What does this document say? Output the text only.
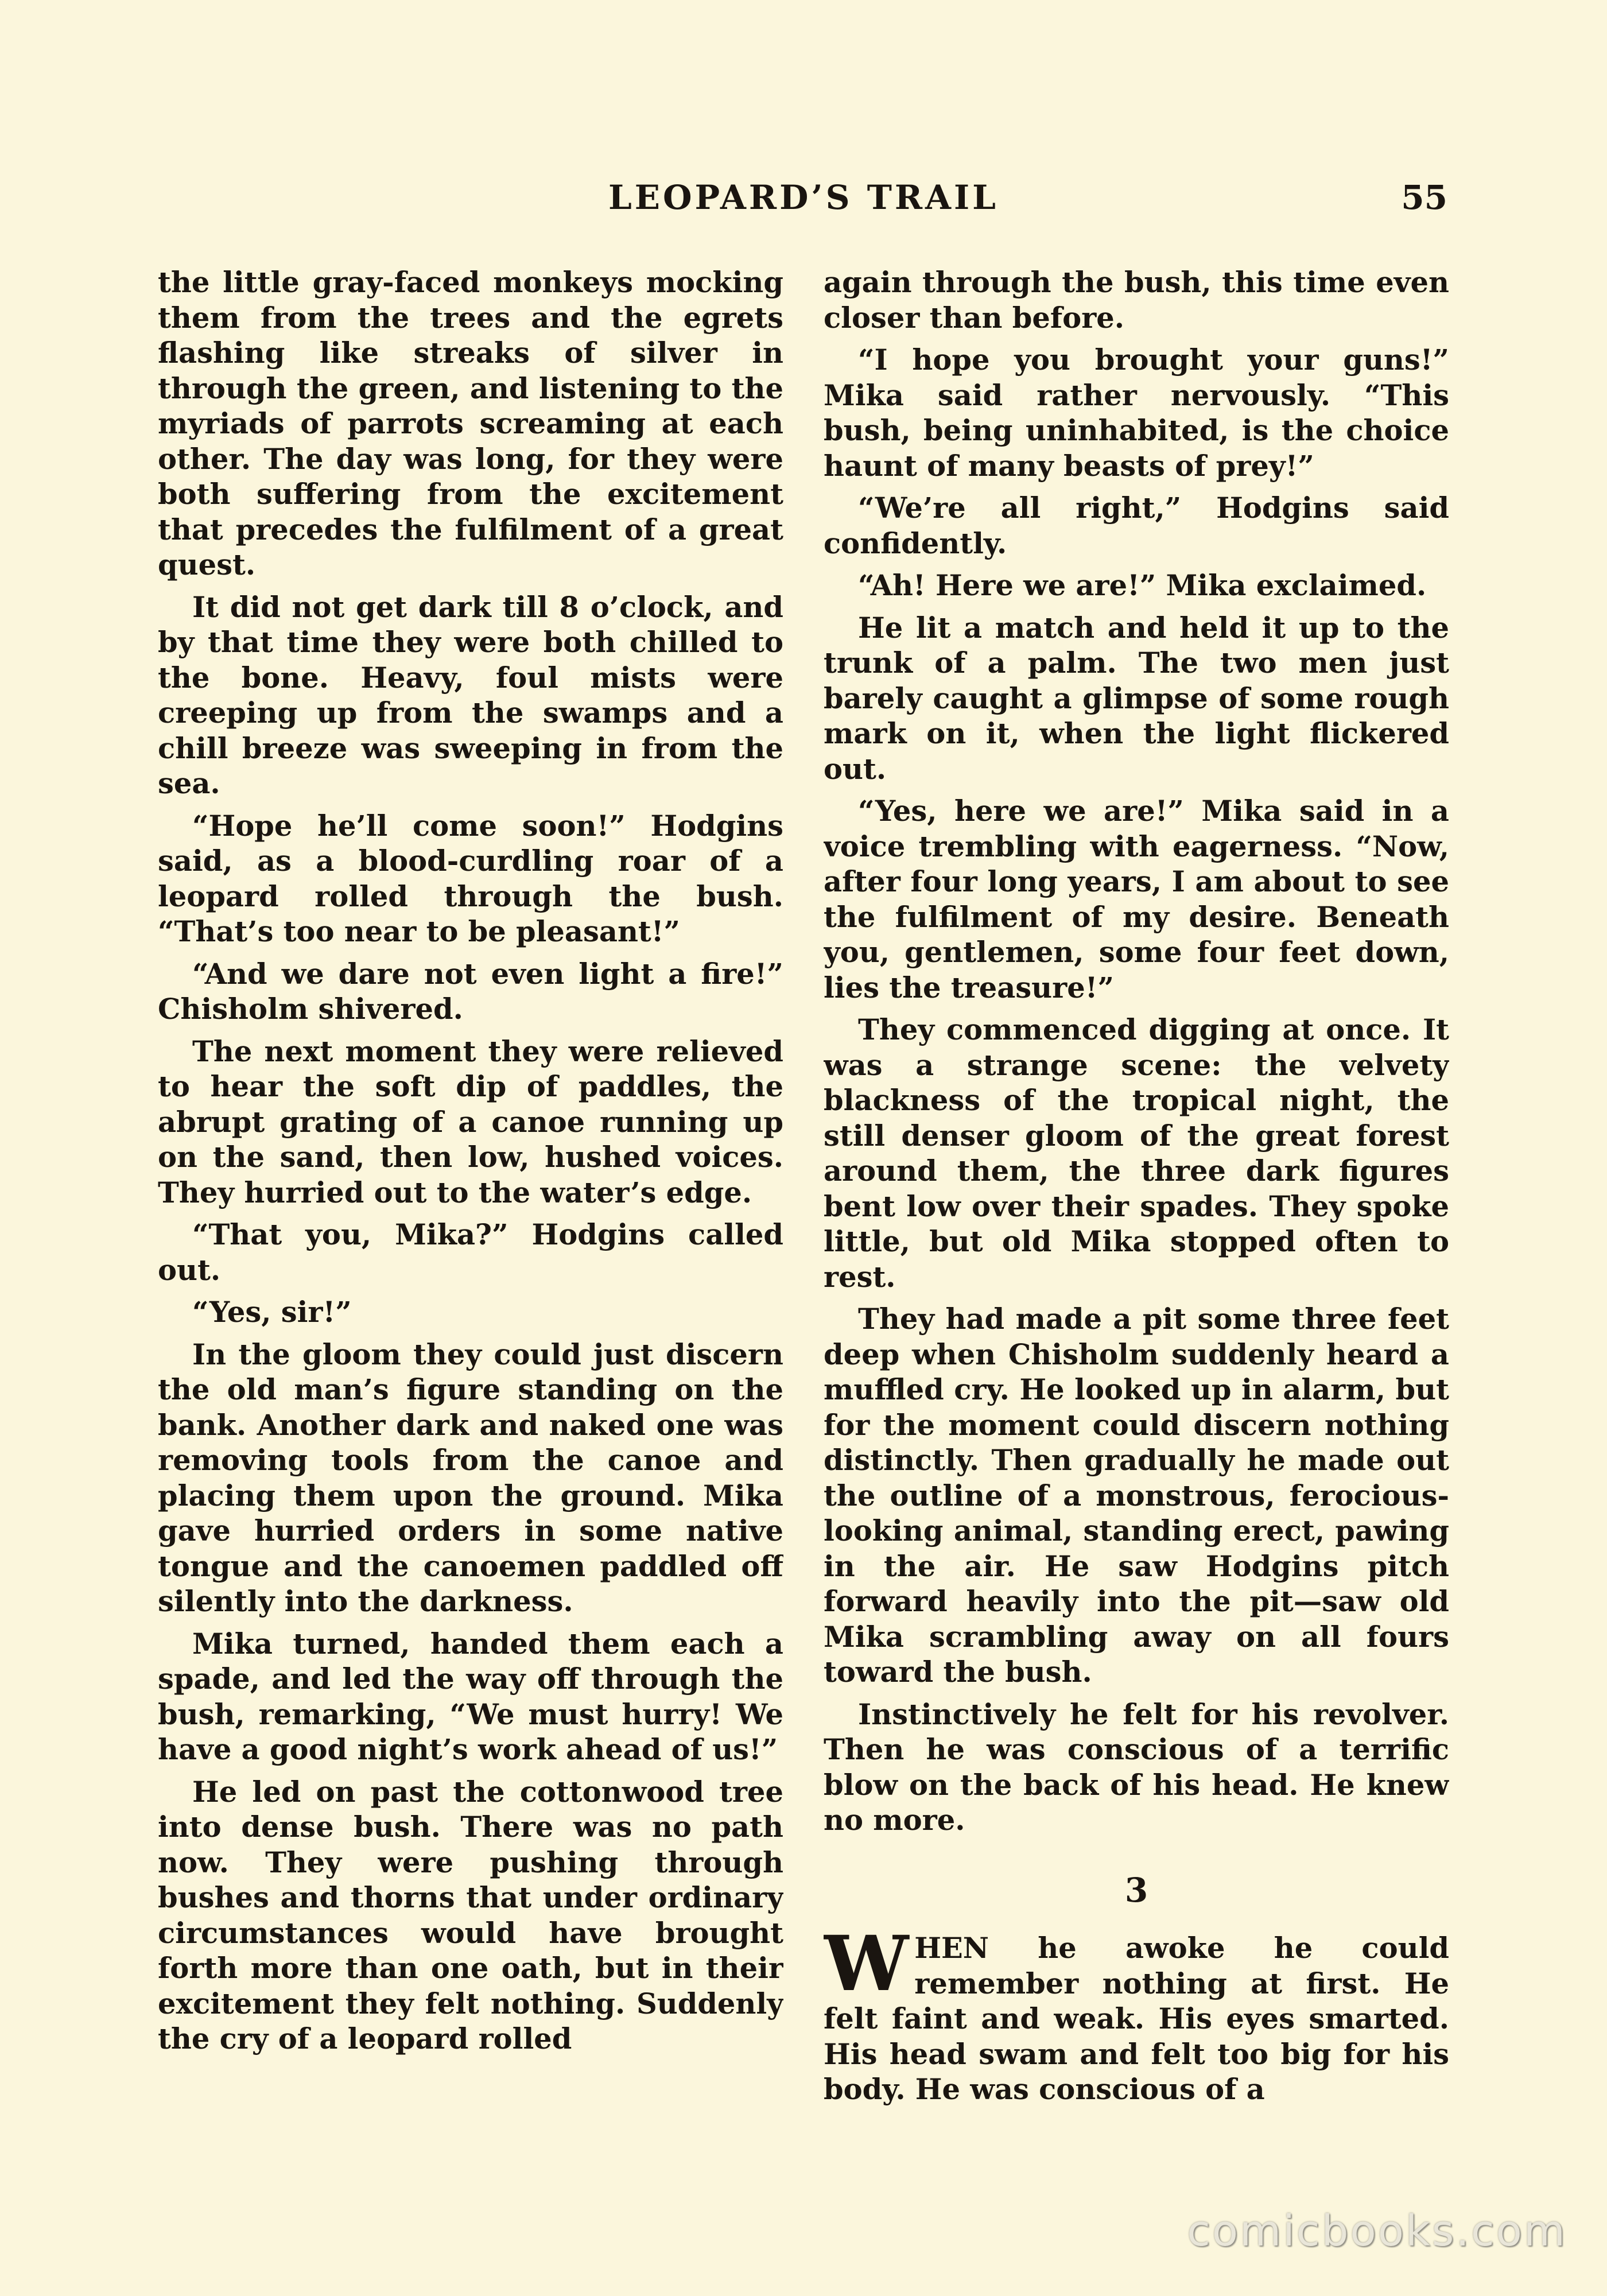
LEOPARD’S TRAIL	55

the little gray-faced monkeys mocking them from the trees and the egrets flashing like streaks of silver in through the green, and listening to the myriads of parrots screaming at each other. The day was long, for they were both suffering from the excitement that precedes the fulfilment of a great quest.

It did not get dark till 8 o’clock, and by that time they were both chilled to the bone. Heavy, foul mists were creeping up from the swamps and a chill breeze was sweeping in from the sea.

“Hope he’ll come soon!” Hodgins said, as a blood-curdling roar of a leopard rolled through the bush. “That’s too near to be pleasant!”

“And we dare not even light a fire!” Chisholm shivered.

The next moment they were relieved to hear the soft dip of paddles, the abrupt grating of a canoe running up on the sand, then low, hushed voices. They hurried out to the water’s edge.

“That you, Mika?” Hodgins called out.

“Yes, sir!”

In the gloom they could just discern the old man’s figure standing on the bank. Another dark and naked one was removing tools from the canoe and placing them upon the ground. Mika gave hurried orders in some native tongue and the canoemen paddled off silently into the darkness.

Mika turned, handed them each a spade, and led the way off through the bush, remarking, “We must hurry! We have a good night’s work ahead of us!”

He led on past the cottonwood tree into dense bush. There was no path now. They were pushing through bushes and thorns that under ordinary circumstances would have brought forth more than one oath, but in their excitement they felt nothing. Suddenly the cry of a leopard rolled

again through the bush, this time even closer than before.

“I hope you brought your guns!” Mika said rather nervously. “This bush, being uninhabited, is the choice haunt of many beasts of prey!”

“We’re all right,” Hodgins said confidently.

“Ah! Here we are!” Mika exclaimed.

He lit a match and held it up to the trunk of a palm. The two men just barely caught a glimpse of some rough mark on it, when the light flickered out.

“Yes, here we are!” Mika said in a voice trembling with eagerness. “Now, after four long years, I am about to see the fulfilment of my desire. Beneath you, gentlemen, some four feet down, lies the treasure!”

They commenced digging at once. It was a strange scene: the velvety blackness of the tropical night, the still denser gloom of the great forest around them, the three dark figures bent low over their spades. They spoke little, but old Mika stopped often to rest.

They had made a pit some three feet deep when Chisholm suddenly heard a muffled cry. He looked up in alarm, but for the moment could discern nothing distinctly. Then gradually he made out the outline of a monstrous, ferocious-looking animal, standing erect, pawing in the air. He saw Hodgins pitch forward heavily into the pit—saw old Mika scrambling away on all fours toward the bush.

Instinctively he felt for his revolver. Then he was conscious of a terrific blow on the back of his head. He knew no more.

3

WHEN he awoke he could remember nothing at first. He felt faint and weak. His eyes smarted. His head swam and felt too big for his body. He was conscious of a

comicbooks.com
